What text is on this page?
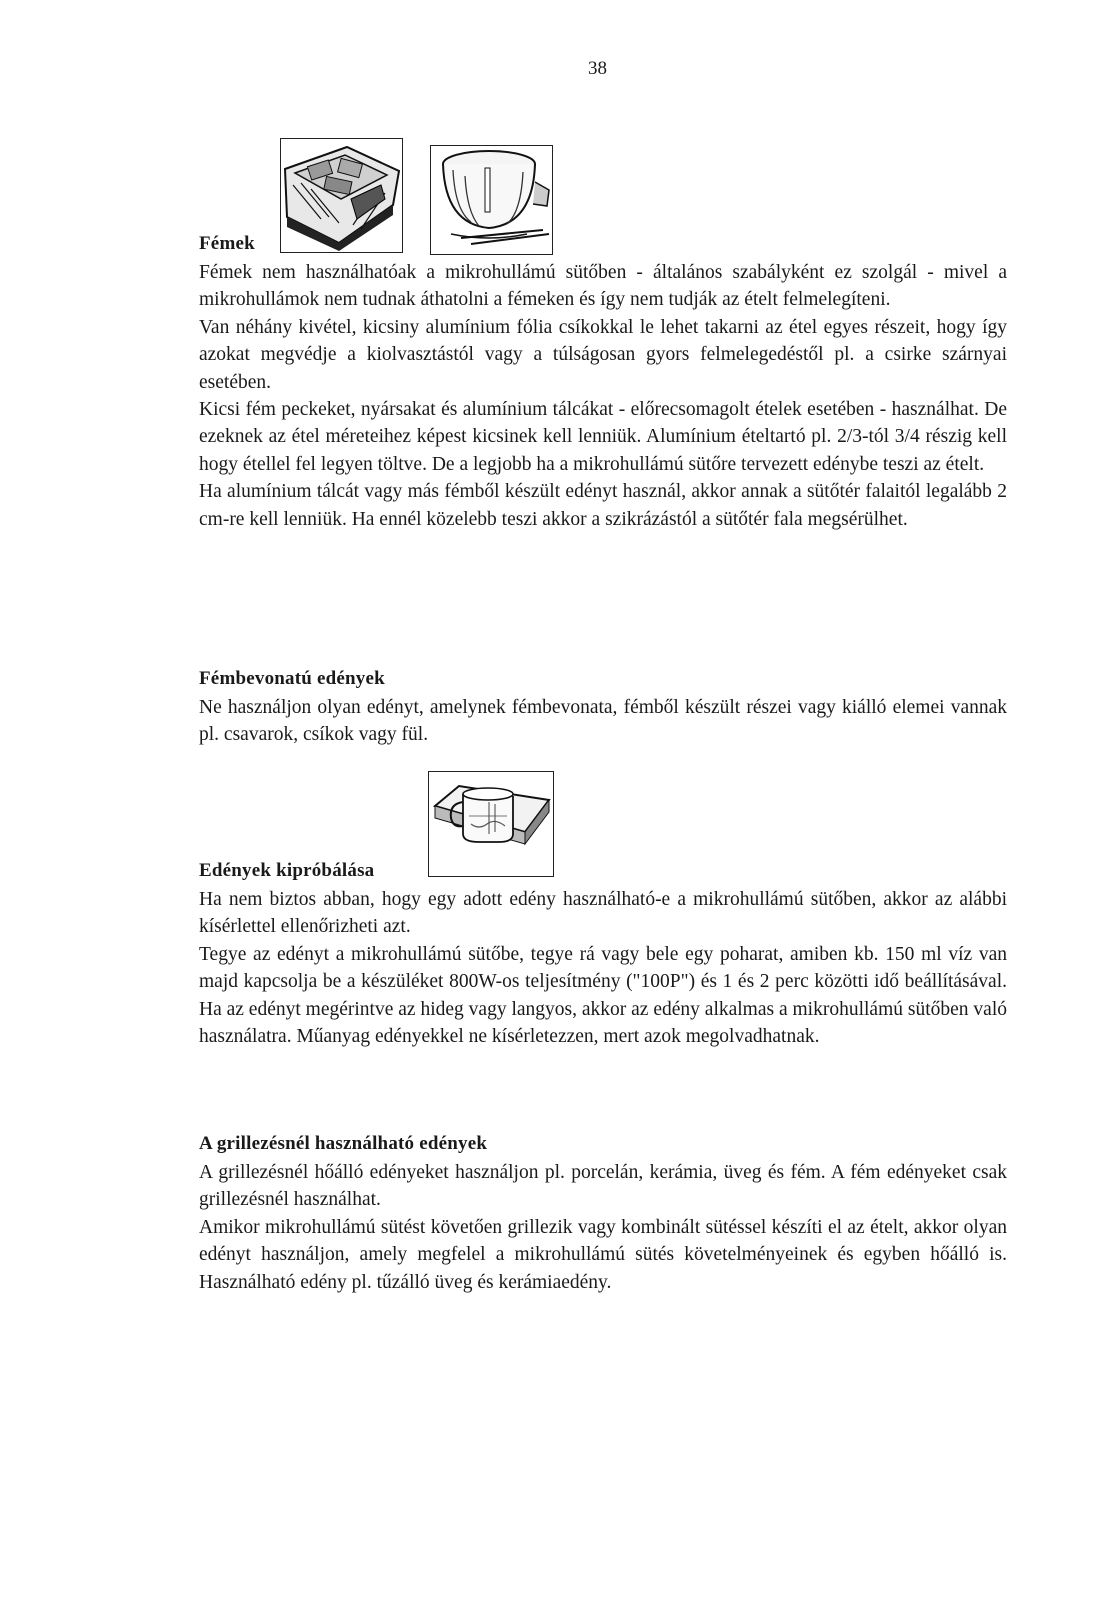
38
Fémek

Fémek nem használhatóak a mikrohullámú sütőben - általános szabályként ez szolgál - mivel a mikrohullámok nem tudnak áthatolni a fémeken és így nem tudják az ételt felmelegíteni.

Van néhány kivétel, kicsiny alumínium fólia csíkokkal le lehet takarni az étel egyes részeit, hogy így azokat megvédje a kiolvasztástól vagy a túlságosan gyors felmelegedéstől pl. a csirke szárnyai esetében.

Kicsi fém peckeket, nyársakat és alumínium tálcákat - előrecsomagolt ételek esetében - használhat. De ezeknek az étel méreteihez képest kicsinek kell lenniük. Alumínium ételtartó pl. 2/3-tól 3/4 részig kell hogy étellel fel legyen töltve. De a legjobb ha a mikrohullámú sütőre tervezett edénybe teszi az ételt.

Ha alumínium tálcát vagy más fémből készült edényt használ, akkor annak a sütőtér falaitól legalább 2 cm-re kell lenniük. Ha ennél közelebb teszi akkor a szikrázástól a sütőtér fala megsérülhet.

Fémbevonatú edények

Ne használjon olyan edényt, amelynek fémbevonata, fémből készült részei vagy kiálló elemei vannak pl. csavarok, csíkok vagy fül.

Edények kipróbálása

Ha nem biztos abban, hogy egy adott edény használható-e a mikrohullámú sütőben, akkor az alábbi kísérlettel ellenőrizheti azt.

Tegye az edényt a mikrohullámú sütőbe, tegye rá vagy bele egy poharat, amiben kb. 150 ml víz van majd kapcsolja be a készüléket 800W-os teljesítmény ("100P") és 1 és 2 perc közötti idő beállításával. Ha az edényt megérintve az hideg vagy langyos, akkor az edény alkalmas a mikrohullámú sütőben való használatra. Műanyag edényekkel ne kísérletezzen, mert azok megolvadhatnak.

A grillezésnél használható edények

A grillezésnél hőálló edényeket használjon pl. porcelán, kerámia, üveg és fém. A fém edényeket csak grillezésnél használhat.

Amikor mikrohullámú sütést követően grillezik vagy kombinált sütéssel készíti el az ételt, akkor olyan edényt használjon, amely megfelel a mikrohullámú sütés követelményeinek és egyben hőálló is. Használható edény pl. tűzálló üveg és kerámiaedény.
